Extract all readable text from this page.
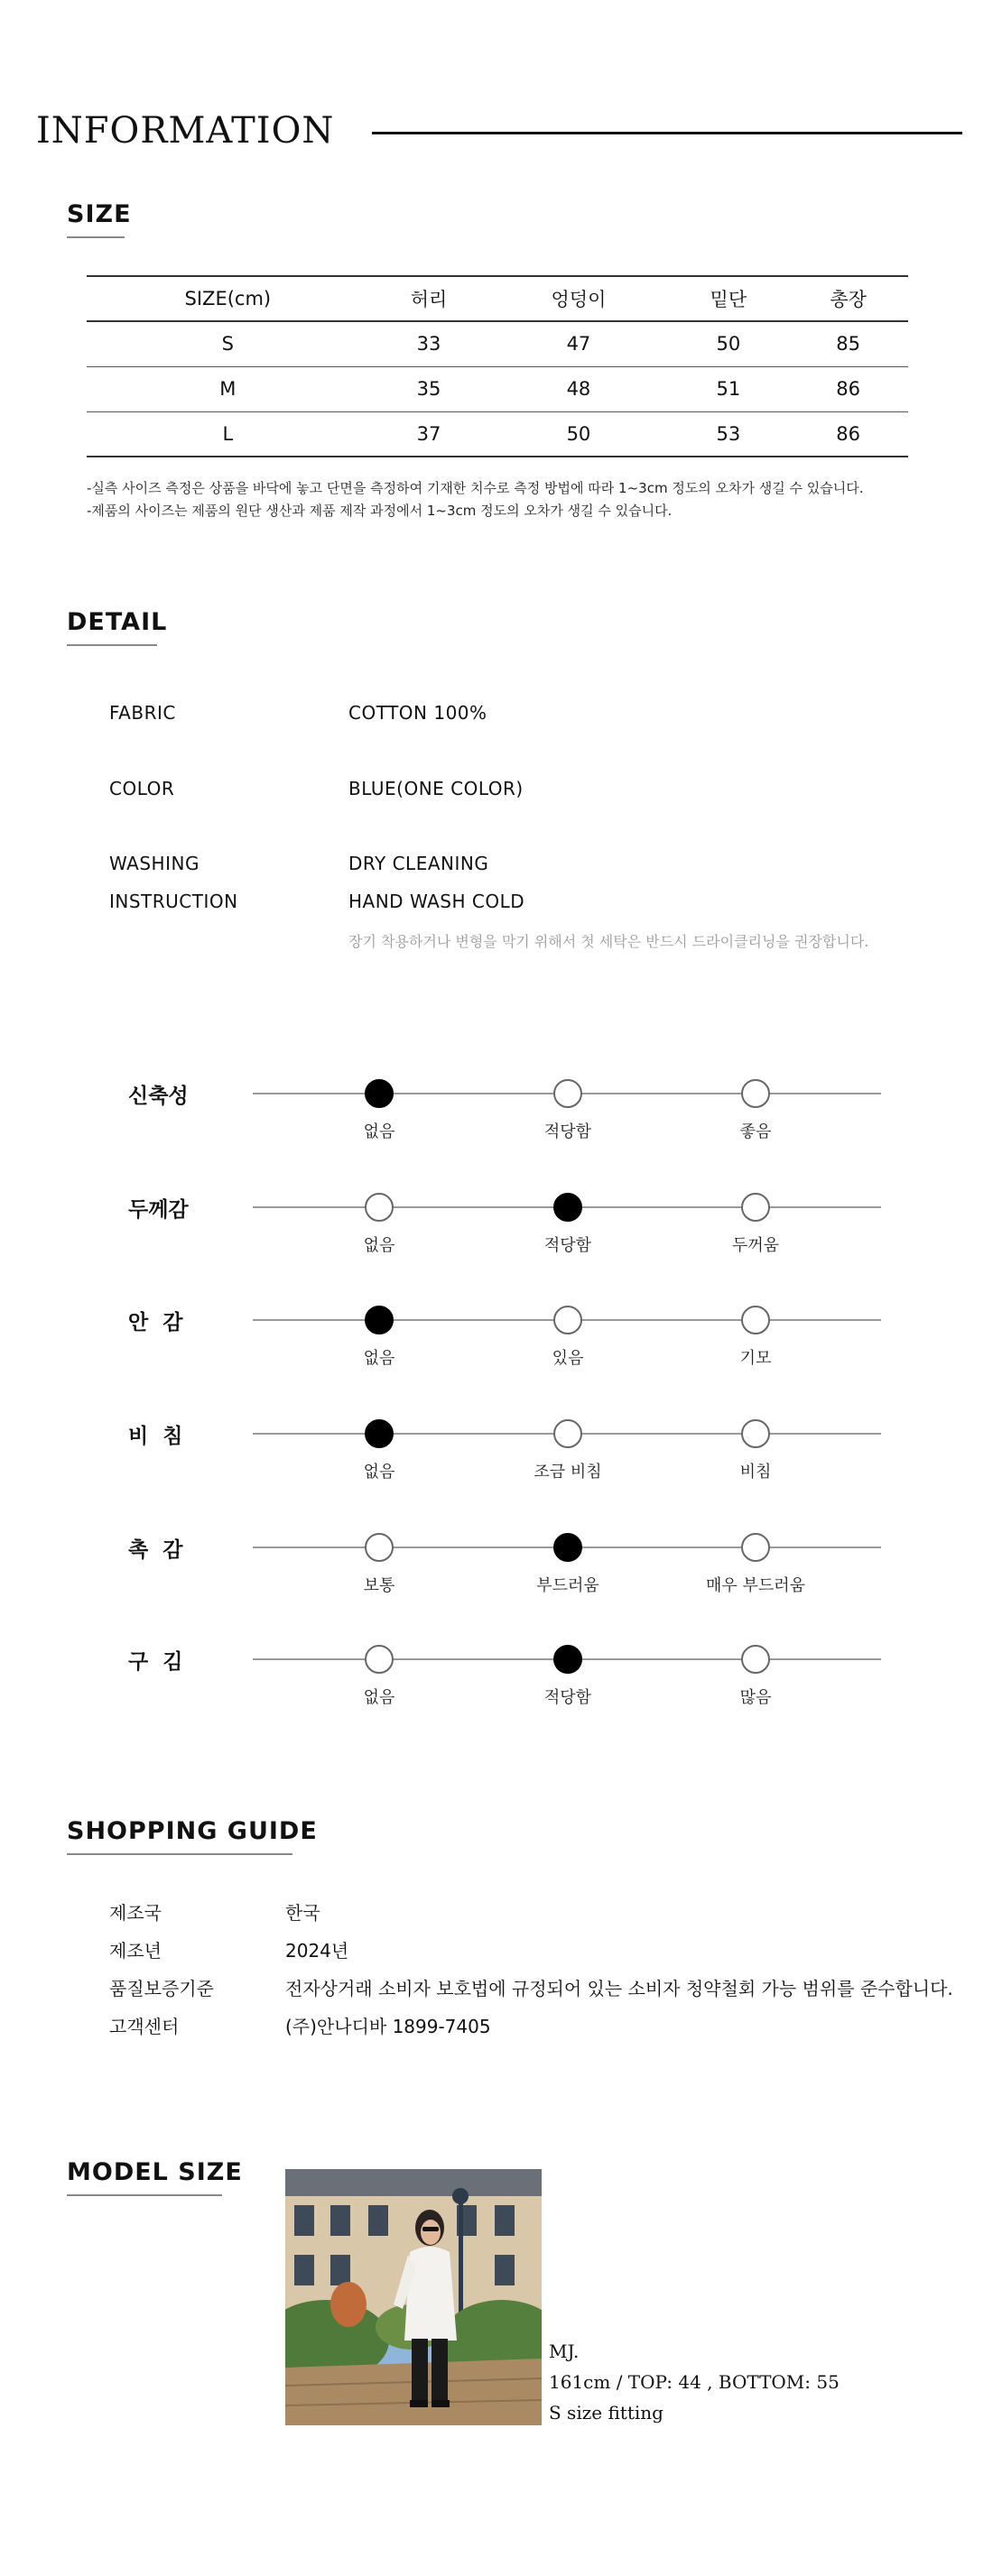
INFORMATION
SIZE
SIZE(cm)	허리	엉덩이	밑단	총장
S	33	47	50	85
M	35	48	51	86
L	37	50	53	86
-실측 사이즈 측정은 상품을 바닥에 놓고 단면을 측정하여 기재한 치수로 측정 방법에 따라 1~3cm 정도의 오차가 생길 수 있습니다.
-제품의 사이즈는 제품의 원단 생산과 제품 제작 과정에서 1~3cm 정도의 오차가 생길 수 있습니다.
DETAIL
FABRIC	COTTON 100%
COLOR	BLUE(ONE COLOR)
WASHING	DRY CLEANING
INSTRUCTION	HAND WASH COLD
장기 착용하거나 변형을 막기 위해서 첫 세탁은 반드시 드라이클리닝을 권장합니다.
신축성
없음	적당함	좋음
두께감
없음	적당함	두꺼움
안  감
없음	있음	기모
비  침
없음	조금 비침	비침
촉  감
보통	부드러움	매우 부드러움
구  김
없음	적당함	많음
SHOPPING GUIDE
제조국	한국
제조년	2024년
품질보증기준	전자상거래 소비자 보호법에 규정되어 있는 소비자 청약철회 가능 범위를 준수합니다.
고객센터	(주)안나디바 1899-7405
MODEL SIZE
MJ.
161cm / TOP: 44 , BOTTOM: 55
S size fitting
